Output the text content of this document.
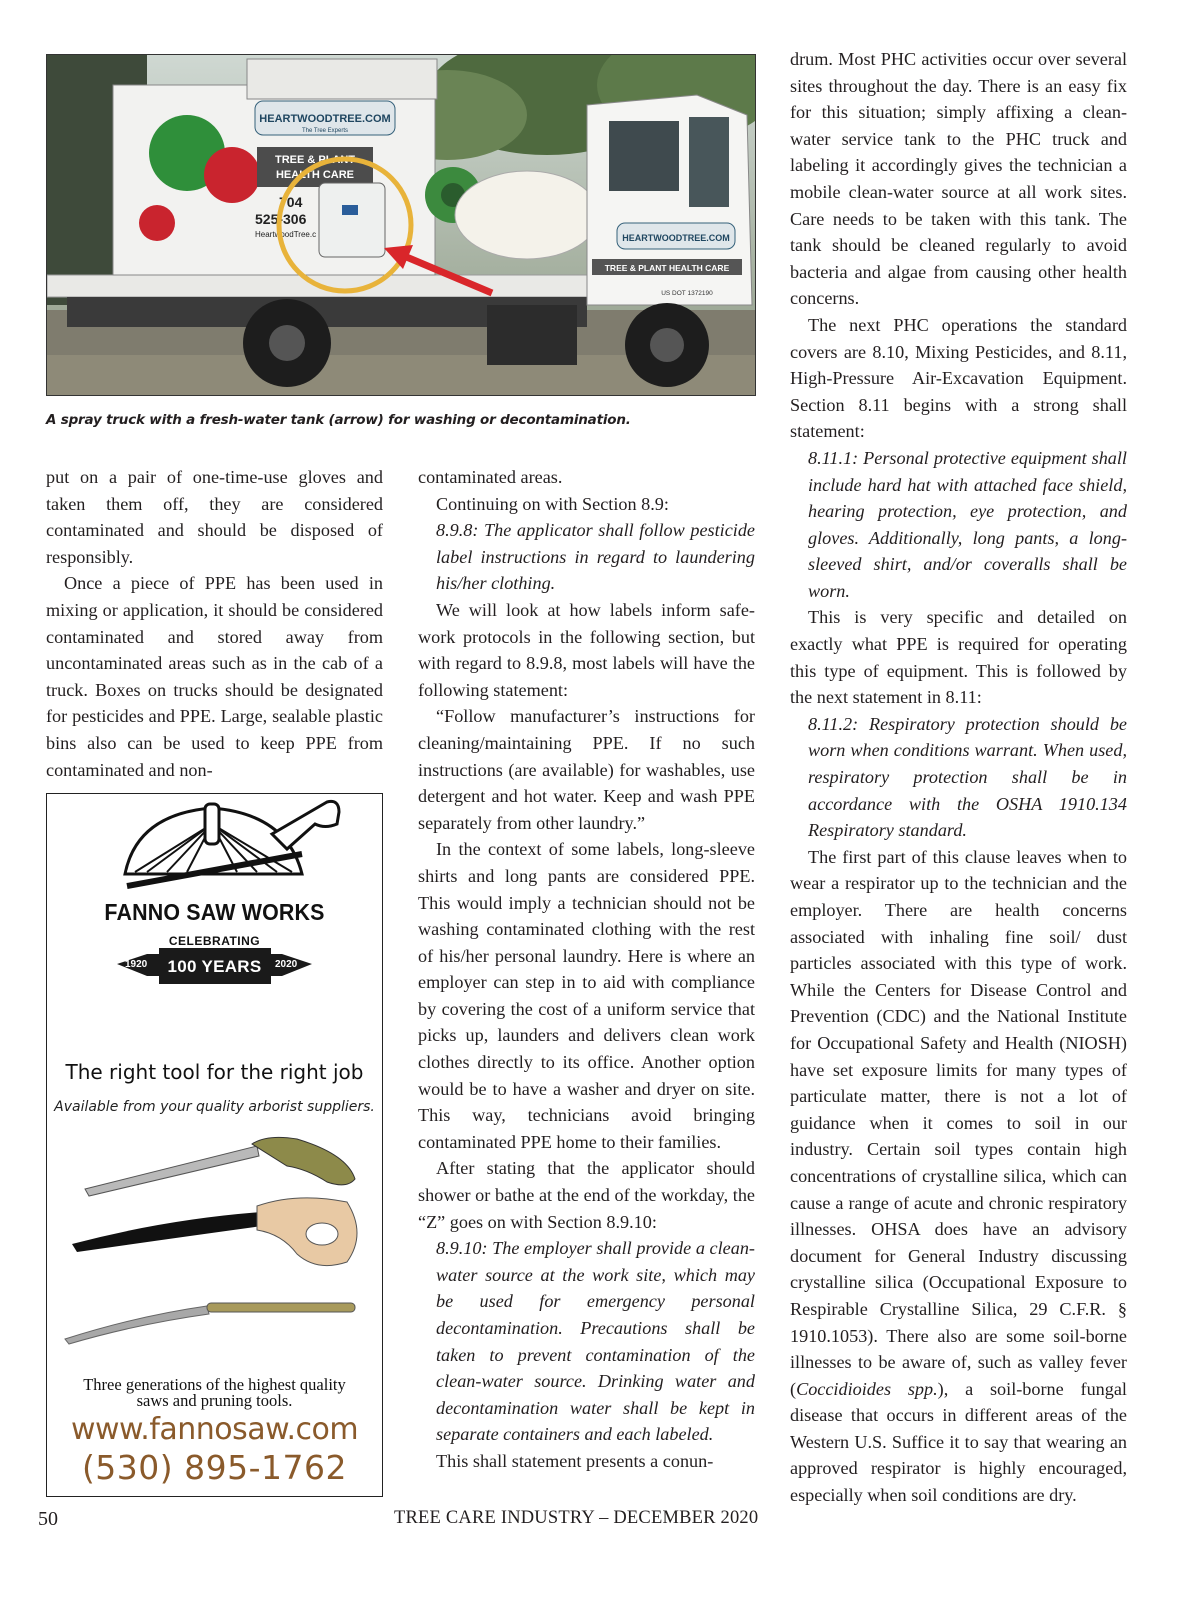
HEARTWOODTREE.COM
The Tree Experts
TREE & PLANT
HEALTH CARE
704
525-306
HeartwoodTree.c	HEARTWOODTREE.COM
TREE & PLANT HEALTH CARE
US DOT 1372190
A spray truck with a fresh-water tank (arrow) for washing or decontamination.

put on a pair of one-time-use gloves and taken them off, they are considered contaminated and should be disposed of responsibly.

Once a piece of PPE has been used in mixing or application, it should be considered contaminated and stored away from uncontaminated areas such as in the cab of a truck. Boxes on trucks should be designated for pesticides and PPE. Large, sealable plastic bins also can be used to keep PPE from contaminated and non-

FANNO SAW WORKS
CELEBRATING
1920	2020
100 YEARS
The right tool for the right job
Available from your quality arborist suppliers.
Three generations of the highest quality saws and pruning tools.
www.fannosaw.com
(530) 895-1762

contaminated areas.

Continuing on with Section 8.9:

8.9.8: The applicator shall follow pesticide label instructions in regard to laundering his/her clothing.

We will look at how labels inform safe-work protocols in the following section, but with regard to 8.9.8, most labels will have the following statement:

“Follow manufacturer’s instructions for cleaning/maintaining PPE. If no such instructions (are available) for washables, use detergent and hot water. Keep and wash PPE separately from other laundry.”

In the context of some labels, long-sleeve shirts and long pants are considered PPE. This would imply a technician should not be washing contaminated clothing with the rest of his/her personal laundry. Here is where an employer can step in to aid with compliance by covering the cost of a uniform service that picks up, launders and delivers clean work clothes directly to its office. Another option would be to have a washer and dryer on site. This way, technicians avoid bringing contaminated PPE home to their families.

After stating that the applicator should shower or bathe at the end of the workday, the “Z” goes on with Section 8.9.10:

8.9.10: The employer shall provide a clean-water source at the work site, which may be used for emergency personal decontamination. Precautions shall be taken to prevent contamination of the clean-water source. Drinking water and decontamination water shall be kept in separate containers and each labeled.

This shall statement presents a conun-

drum. Most PHC activities occur over several sites throughout the day. There is an easy fix for this situation; simply affixing a clean-water service tank to the PHC truck and labeling it accordingly gives the technician a mobile clean-water source at all work sites. Care needs to be taken with this tank. The tank should be cleaned regularly to avoid bacteria and algae from causing other health concerns.

The next PHC operations the standard covers are 8.10, Mixing Pesticides, and 8.11, High-Pressure Air-Excavation Equipment. Section 8.11 begins with a strong shall statement:

8.11.1: Personal protective equipment shall include hard hat with attached face shield, hearing protection, eye protection, and gloves. Additionally, long pants, a long-sleeved shirt, and/or coveralls shall be worn.

This is very specific and detailed on exactly what PPE is required for operating this type of equipment. This is followed by the next statement in 8.11:

8.11.2: Respiratory protection should be worn when conditions warrant. When used, respiratory protection shall be in accordance with the OSHA 1910.134 Respiratory standard.

The first part of this clause leaves when to wear a respirator up to the technician and the employer. There are health concerns associated with inhaling fine soil/ dust particles associated with this type of work. While the Centers for Disease Control and Prevention (CDC) and the National Institute for Occupational Safety and Health (NIOSH) have set exposure limits for many types of particulate matter, there is not a lot of guidance when it comes to soil in our industry. Certain soil types contain high concentrations of crystalline silica, which can cause a range of acute and chronic respiratory illnesses. OHSA does have an advisory document for General Industry discussing crystalline silica (Occupational Exposure to Respirable Crystalline Silica, 29 C.F.R. § 1910.1053). There also are some soil-borne illnesses to be aware of, such as valley fever (Coccidioides spp.), a soil-borne fungal disease that occurs in different areas of the Western U.S. Suffice it to say that wearing an approved respirator is highly encouraged, especially when soil conditions are dry.

50	TREE CARE INDUSTRY – DECEMBER 2020
